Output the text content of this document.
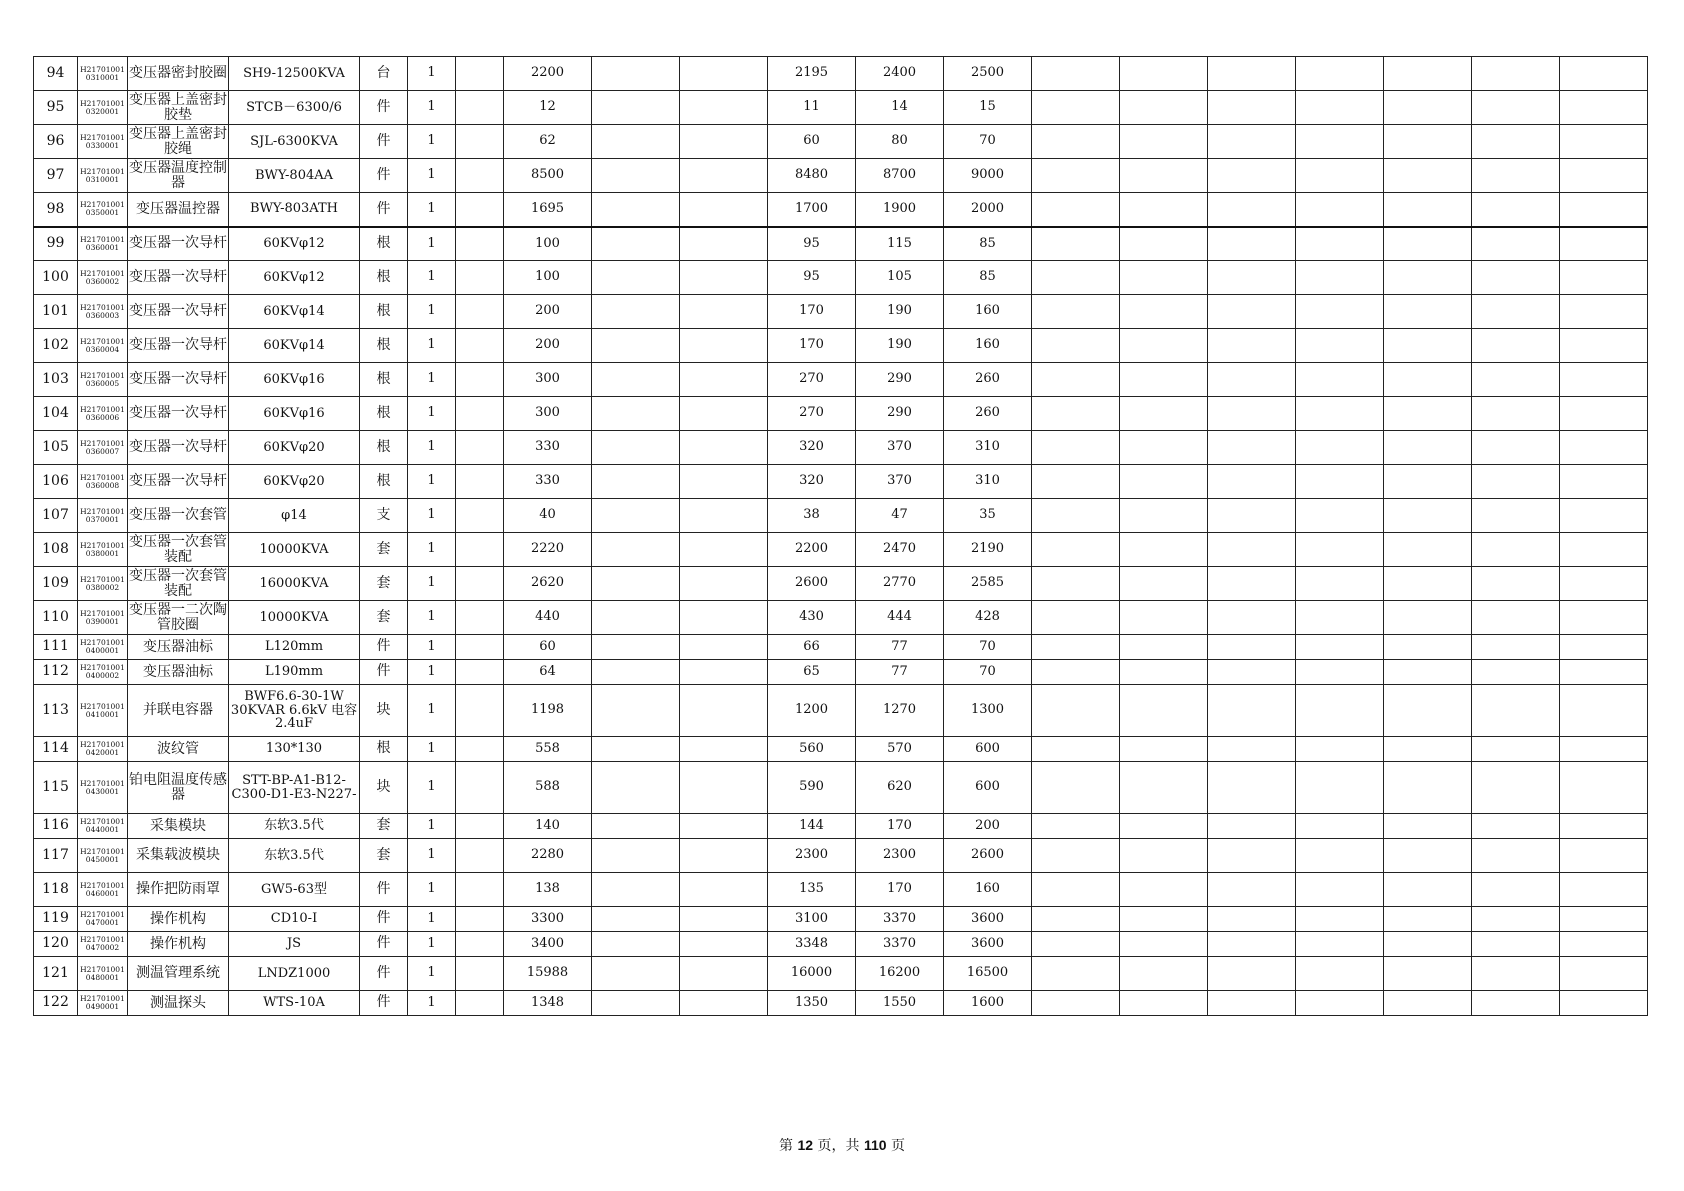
94	H217010010310001	变压器密封胶圈	SH9-12500KVA	台	1		2200			2195	2400	2500							
95	H217010010320001	变压器上盖密封胶垫	STCB－6300/6	件	1		12			11	14	15							
96	H217010010330001	变压器上盖密封胶绳	SJL-6300KVA	件	1		62			60	80	70							
97	H217010010310001	变压器温度控制器	BWY-804AA	件	1		8500			8480	8700	9000							
98	H217010010350001	变压器温控器	BWY-803ATH	件	1		1695			1700	1900	2000							
99	H217010010360001	变压器一次导杆	60KVφ12	根	1		100			95	115	85							
100	H217010010360002	变压器一次导杆	60KVφ12	根	1		100			95	105	85							
101	H217010010360003	变压器一次导杆	60KVφ14	根	1		200			170	190	160							
102	H217010010360004	变压器一次导杆	60KVφ14	根	1		200			170	190	160							
103	H217010010360005	变压器一次导杆	60KVφ16	根	1		300			270	290	260							
104	H217010010360006	变压器一次导杆	60KVφ16	根	1		300			270	290	260							
105	H217010010360007	变压器一次导杆	60KVφ20	根	1		330			320	370	310							
106	H217010010360008	变压器一次导杆	60KVφ20	根	1		330			320	370	310							
107	H217010010370001	变压器一次套管	φ14	支	1		40			38	47	35							
108	H217010010380001	变压器一次套管装配	10000KVA	套	1		2220			2200	2470	2190							
109	H217010010380002	变压器一次套管装配	16000KVA	套	1		2620			2600	2770	2585							
110	H217010010390001	变压器一二次陶管胶圈	10000KVA	套	1		440			430	444	428							
111	H217010010400001	变压器油标	L120mm	件	1		60			66	77	70							
112	H217010010400002	变压器油标	L190mm	件	1		64			65	77	70							
113	H217010010410001	并联电容器	BWF6.6-30-1W 30KVAR 6.6kV 电容2.4uF	块	1		1198			1200	1270	1300							
114	H217010010420001	波纹管	130*130	根	1		558			560	570	600							
115	H217010010430001	铂电阻温度传感器	STT-BP-A1-B12-C300-D1-E3-N227-	块	1		588			590	620	600							
116	H217010010440001	采集模块	东软3.5代	套	1		140			144	170	200							
117	H217010010450001	采集载波模块	东软3.5代	套	1		2280			2300	2300	2600							
118	H217010010460001	操作把防雨罩	GW5-63型	件	1		138			135	170	160							
119	H217010010470001	操作机构	CD10-I	件	1		3300			3100	3370	3600							
120	H217010010470002	操作机构	JS	件	1		3400			3348	3370	3600							
121	H217010010480001	测温管理系统	LNDZ1000	件	1		15988			16000	16200	16500							
122	H217010010490001	测温探头	WTS-10A	件	1		1348			1350	1550	1600							
第 12 页，共 110 页
